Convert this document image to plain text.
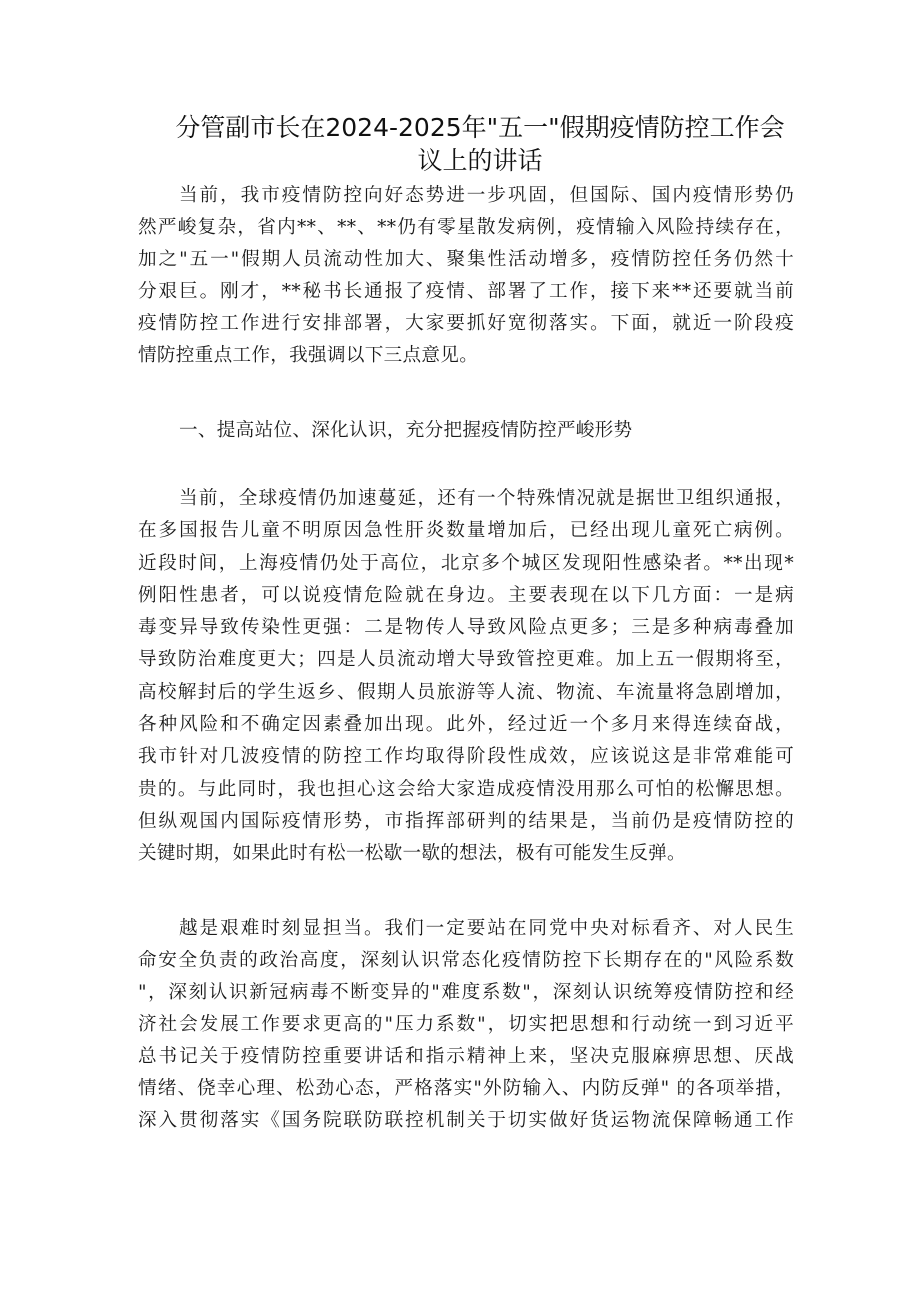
分管副市长在2024-2025年"五一"假期疫情防控工作会
议上的讲话
当前，我市疫情防控向好态势进一步巩固，但国际、国内疫情形势仍
然严峻复杂，省内**、**、**仍有零星散发病例，疫情输入风险持续存在，
加之"五一"假期人员流动性加大、聚集性活动增多，疫情防控任务仍然十
分艰巨。刚才，**秘书长通报了疫情、部署了工作，接下来**还要就当前
疫情防控工作进行安排部署，大家要抓好宽彻落实。下面，就近一阶段疫
情防控重点工作，我强调以下三点意见。
一、提高站位、深化认识，充分把握疫情防控严峻形势
当前，全球疫情仍加速蔓延，还有一个特殊情况就是据世卫组织通报，
在多国报告儿童不明原因急性肝炎数量增加后，已经出现儿童死亡病例。
近段时间，上海疫情仍处于高位，北京多个城区发现阳性感染者。**出现*
例阳性患者，可以说疫情危险就在身边。主要表现在以下几方面：一是病
毒变异导致传染性更强：二是物传人导致风险点更多；三是多种病毒叠加
导致防治难度更大；四是人员流动增大导致管控更难。加上五一假期将至，
高校解封后的学生返乡、假期人员旅游等人流、物流、车流量将急剧增加，
各种风险和不确定因素叠加出现。此外，经过近一个多月来得连续奋战，
我市针对几波疫情的防控工作均取得阶段性成效，应该说这是非常难能可
贵的。与此同时，我也担心这会给大家造成疫情没用那么可怕的松懈思想。
但纵观国内国际疫情形势，市指挥部研判的结果是，当前仍是疫情防控的
关键时期，如果此时有松一松歇一歇的想法，极有可能发生反弹。
越是艰难时刻显担当。我们一定要站在同党中央对标看齐、对人民生
命安全负责的政治高度，深刻认识常态化疫情防控下长期存在的"风险系数
"，深刻认识新冠病毒不断变异的"难度系数"，深刻认识统筹疫情防控和经
济社会发展工作要求更高的"压力系数"，切实把思想和行动统一到习近平
总书记关于疫情防控重要讲话和指示精神上来，坚决克服麻痹思想、厌战
情绪、侥幸心理、松劲心态，严格落实"外防输入、内防反弹" 的各项举措，
深入贯彻落实《国务院联防联控机制关于切实做好货运物流保障畅通工作
